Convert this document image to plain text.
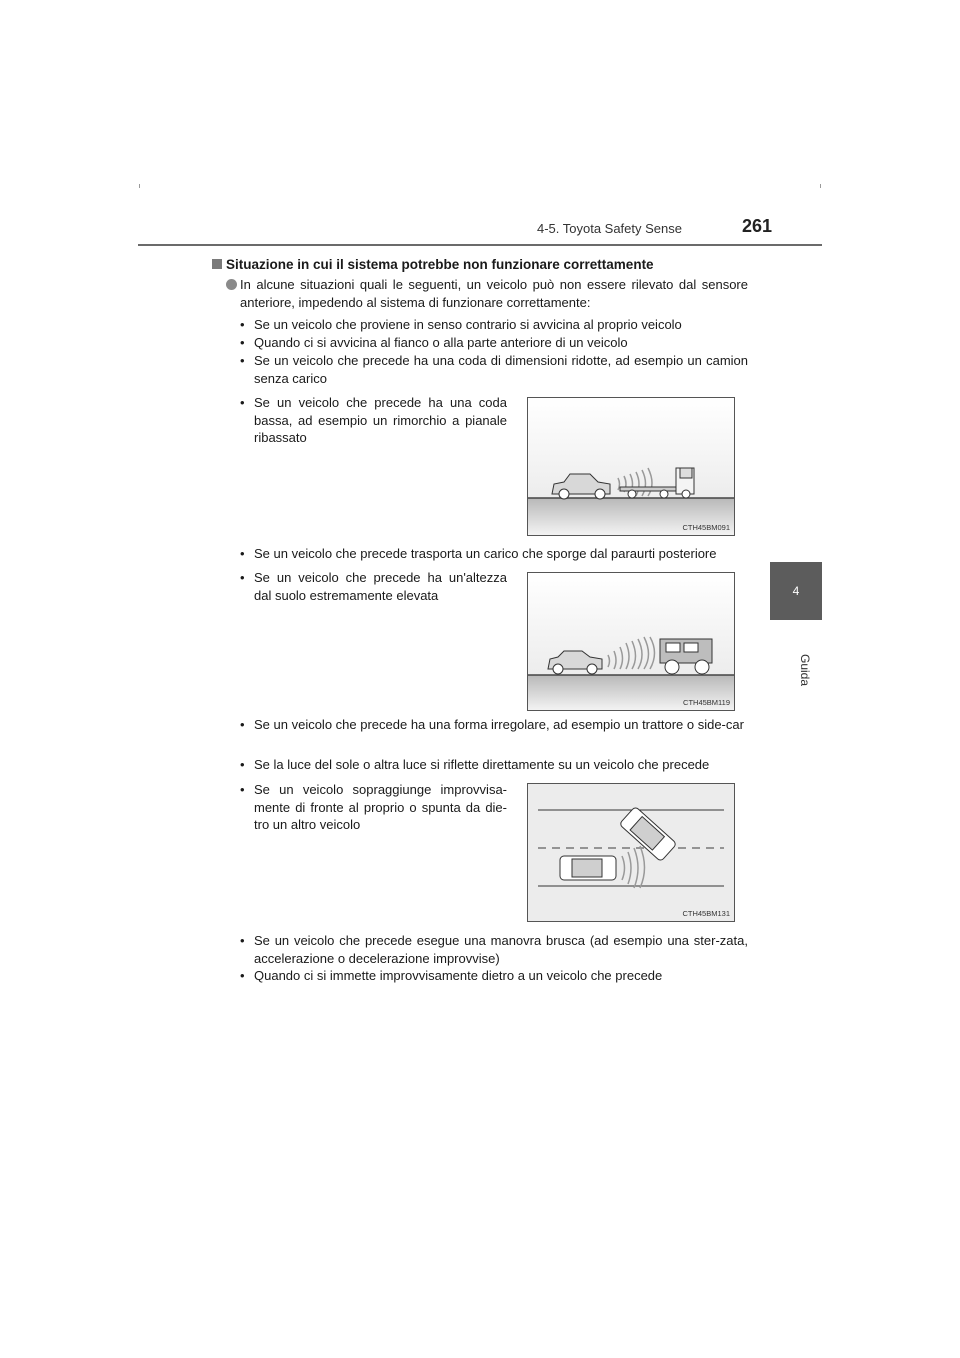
4-5. Toyota Safety Sense	261
4
Guida
Situazione in cui il sistema potrebbe non funzionare correttamente
In alcune situazioni quali le seguenti, un veicolo può non essere rilevato dal sensore anteriore, impedendo al sistema di funzionare correttamente:
• Se un veicolo che proviene in senso contrario si avvicina al proprio veicolo
• Quando ci si avvicina al fianco o alla parte anteriore di un veicolo
• Se un veicolo che precede ha una coda di dimensioni ridotte, ad esempio un camion senza carico
• Se un veicolo che precede ha una coda bassa, ad esempio un rimorchio a pianale ribassato
CTH45BM091
• Se un veicolo che precede trasporta un carico che sporge dal paraurti posteriore
• Se un veicolo che precede ha un'altezza dal suolo estremamente elevata
CTH45BM119
• Se un veicolo che precede ha una forma irregolare, ad esempio un trattore o side-car
• Se la luce del sole o altra luce si riflette direttamente su un veicolo che precede
• Se un veicolo sopraggiunge improvvisa-mente di fronte al proprio o spunta da die-tro un altro veicolo
CTH45BM131
• Se un veicolo che precede esegue una manovra brusca (ad esempio una ster-zata, accelerazione o decelerazione improvvise)
• Quando ci si immette improvvisamente dietro a un veicolo che precede
